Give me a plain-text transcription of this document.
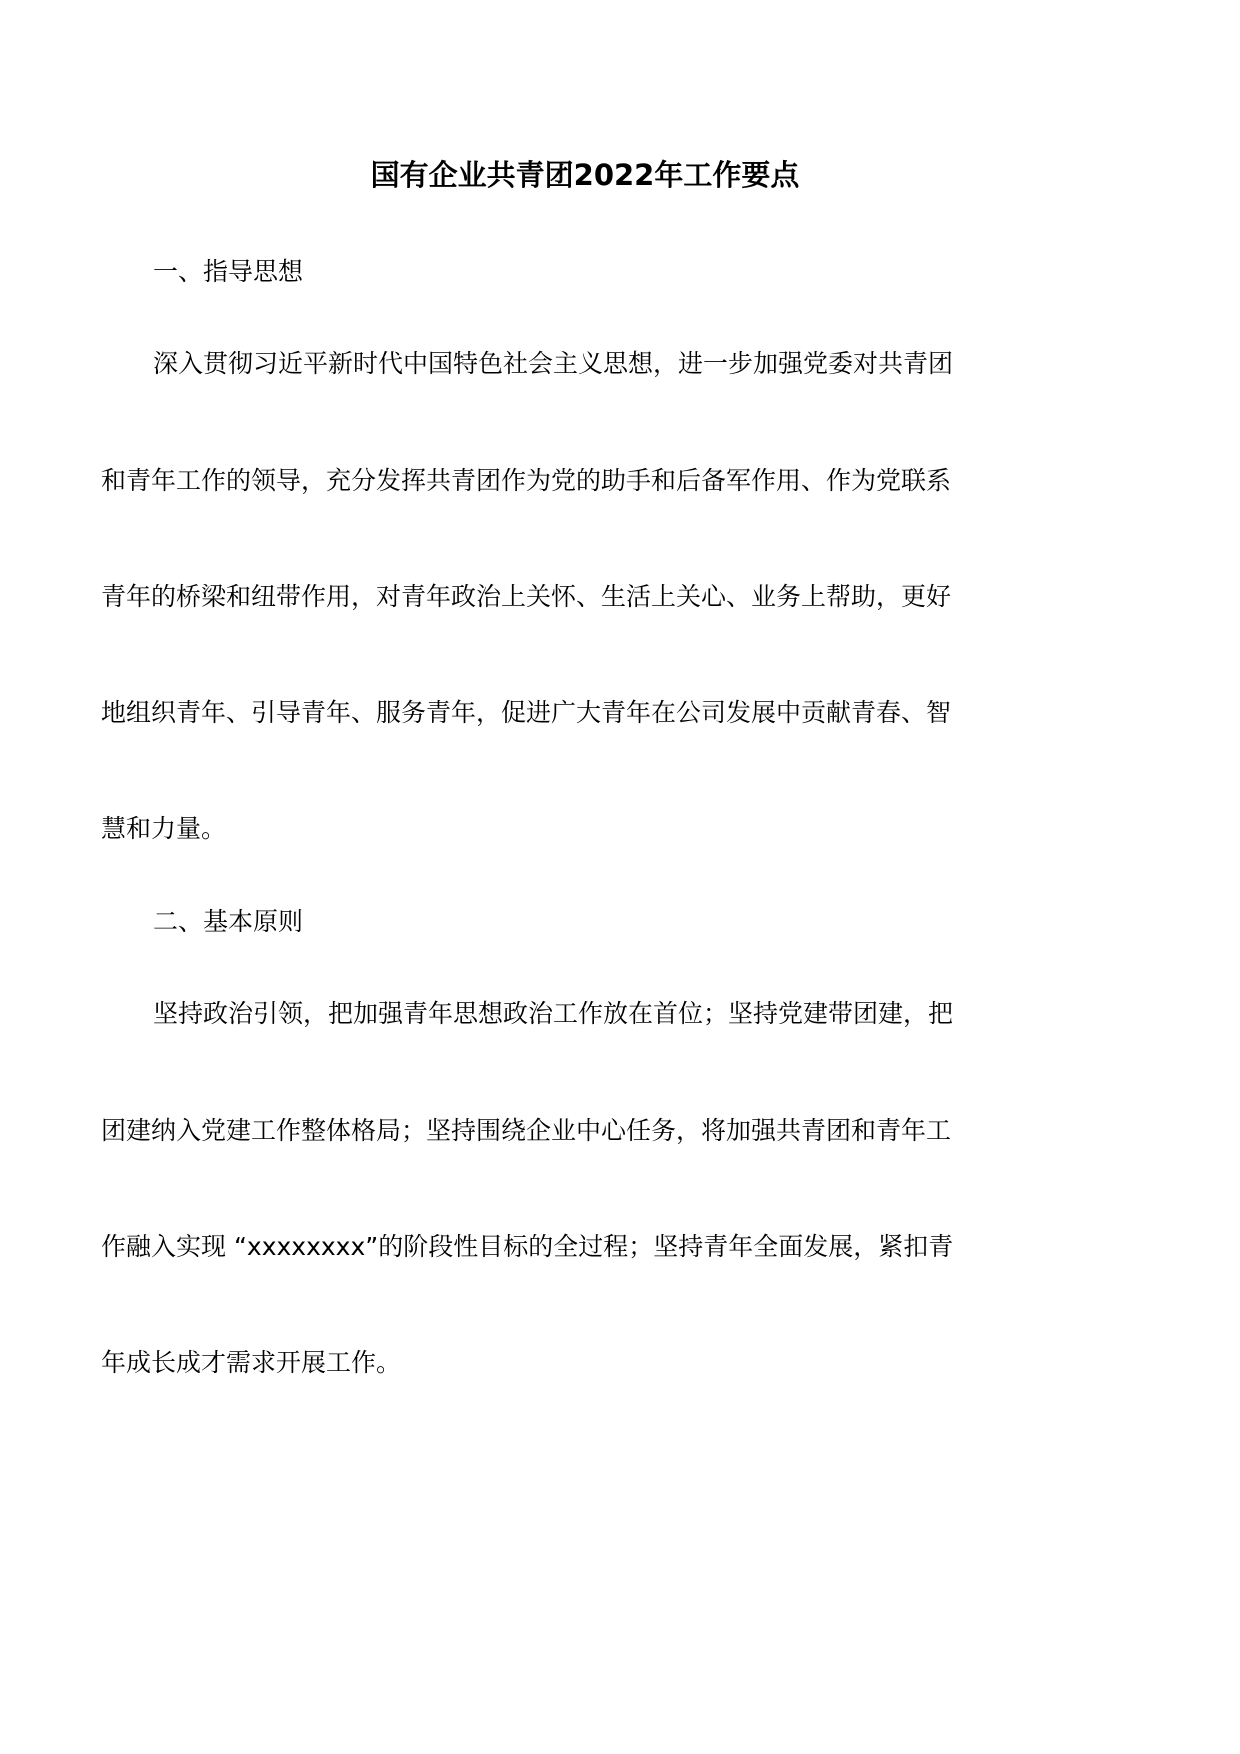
国有企业共青团2022年工作要点
一、指导思想
深入贯彻习近平新时代中国特色社会主义思想，进一步加强党委对共青团
和青年工作的领导，充分发挥共青团作为党的助手和后备军作用、作为党联系
青年的桥梁和纽带作用，对青年政治上关怀、生活上关心、业务上帮助，更好
地组织青年、引导青年、服务青年，促进广大青年在公司发展中贡献青春、智
慧和力量。
二、基本原则
坚持政治引领，把加强青年思想政治工作放在首位；坚持党建带团建，把
团建纳入党建工作整体格局；坚持围绕企业中心任务，将加强共青团和青年工
作融入实现 “xxxxxxxx”的阶段性目标的全过程；坚持青年全面发展，紧扣青
年成长成才需求开展工作。
